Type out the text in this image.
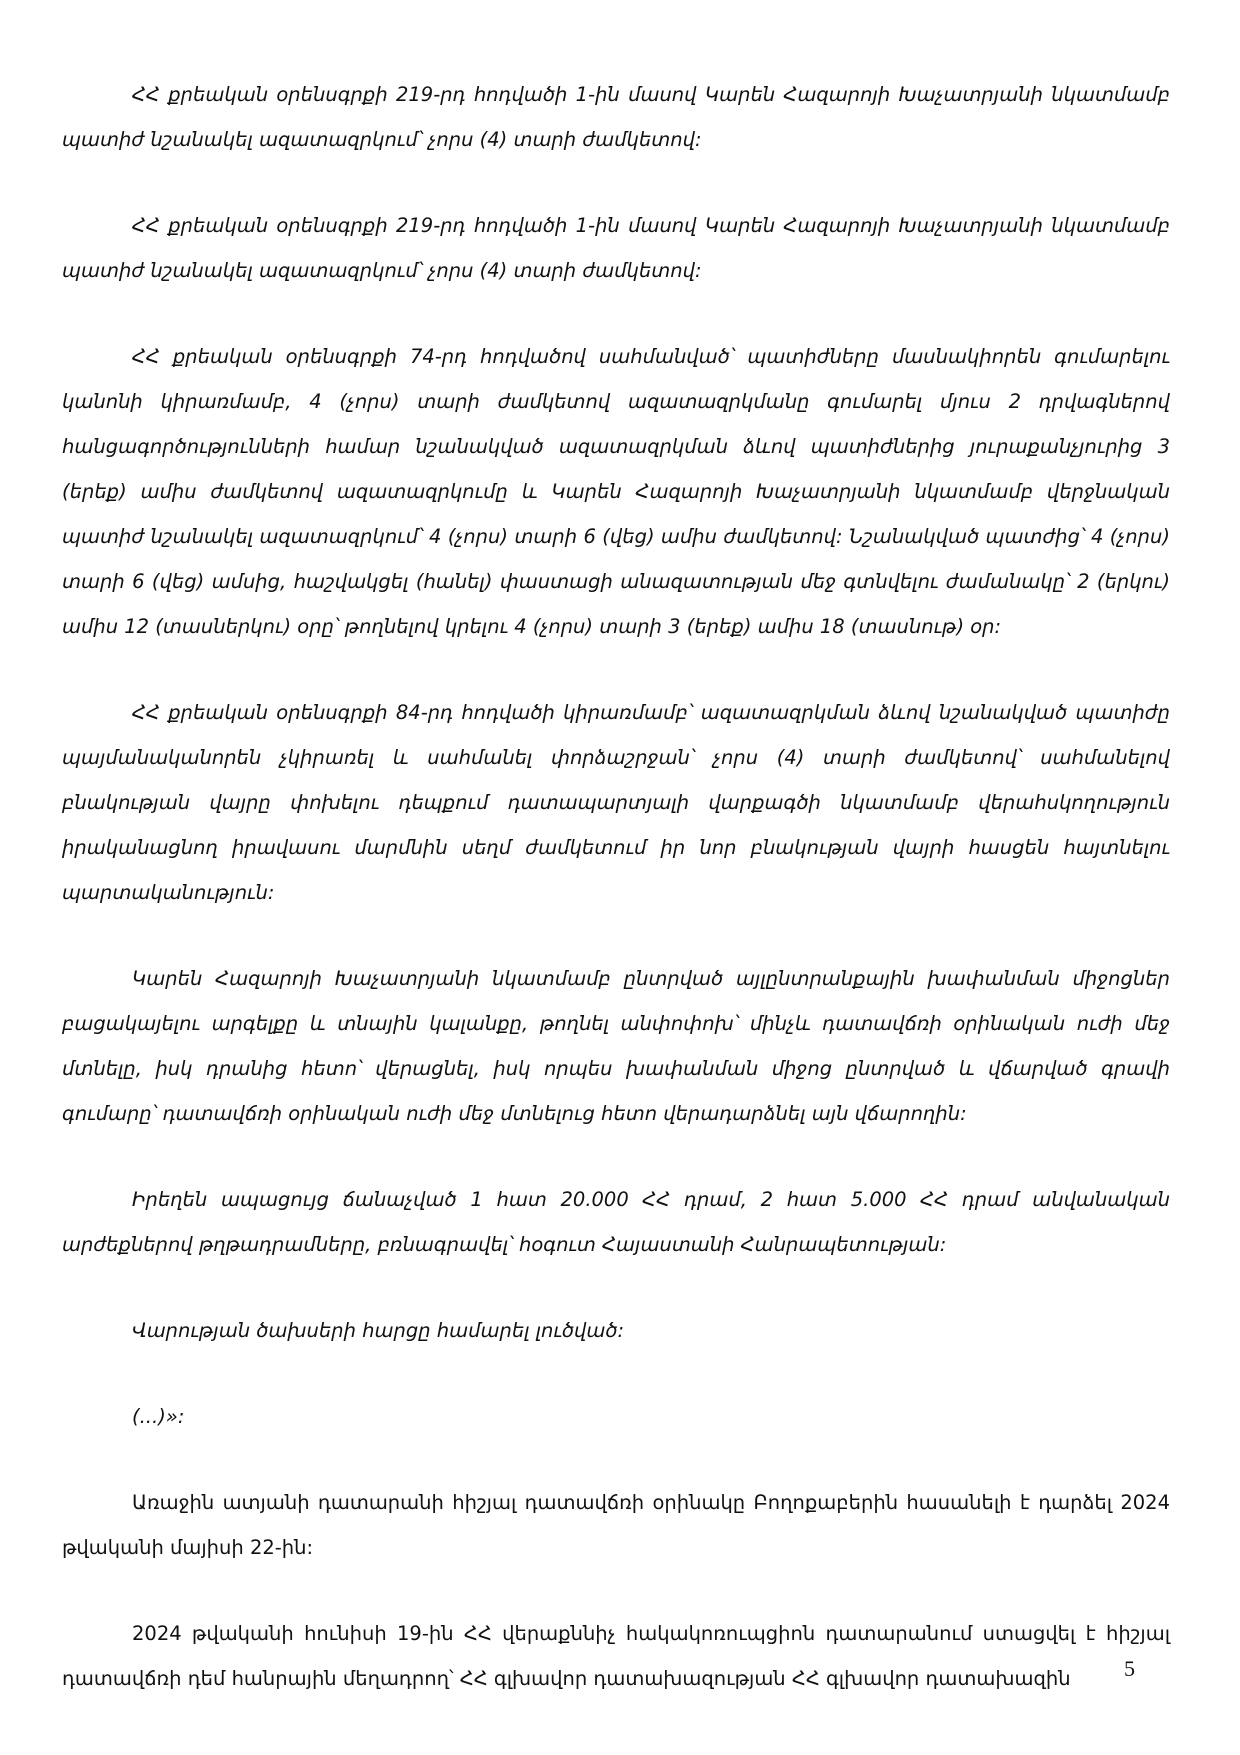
ՀՀ քրեական օրենսգրքի 219-րդ հոդվածի 1-ին մասով Կարեն Հազարոյի Խաչատրյանի նկատմամբ պատիժ նշանակել ազատազրկում՝ չորս (4) տարի ժամկետով:

ՀՀ քրեական օրենսգրքի 219-րդ հոդվածի 1-ին մասով Կարեն Հազարոյի Խաչատրյանի նկատմամբ պատիժ նշանակել ազատազրկում՝ չորս (4) տարի ժամկետով:

ՀՀ քրեական օրենսգրքի 74-րդ հոդվածով սահմանված՝ պատիժները մասնակիորեն գումարելու կանոնի կիրառմամբ, 4 (չորս) տարի ժամկետով ազատազրկմանը գումարել մյուս 2 դրվագներով հանցագործությունների համար նշանակված ազատազրկման ձևով պատիժներից յուրաքանչյուրից 3 (երեք) ամիս ժամկետով ազատազրկումը և Կարեն Հազարոյի Խաչատրյանի նկատմամբ վերջնական պատիժ նշանակել ազատազրկում՝ 4 (չորս) տարի 6 (վեց) ամիս ժամկետով: Նշանակված պատժից՝ 4 (չորս) տարի 6 (վեց) ամսից, հաշվակցել (հանել) փաստացի անազատության մեջ գտնվելու ժամանակը՝ 2 (երկու) ամիս 12 (տասներկու) օրը՝ թողնելով կրելու 4 (չորս) տարի 3 (երեք) ամիս 18 (տասնութ) օր:

ՀՀ քրեական օրենսգրքի 84-րդ հոդվածի կիրառմամբ՝ ազատազրկման ձևով նշանակված պատիժը պայմանականորեն չկիրառել և սահմանել փորձաշրջան՝ չորս (4) տարի ժամկետով՝ սահմանելով բնակության վայրը փոխելու դեպքում դատապարտյալի վարքագծի նկատմամբ վերահսկողություն իրականացնող իրավասու մարմնին սեղմ ժամկետում իր նոր բնակության վայրի հասցեն հայտնելու պարտականություն:

Կարեն Հազարոյի Խաչատրյանի նկատմամբ ընտրված այլընտրանքային խափանման միջոցներ բացակայելու արգելքը և տնային կալանքը, թողնել անփոփոխ՝ մինչև դատավճռի օրինական ուժի մեջ մտնելը, իսկ դրանից հետո՝ վերացնել, իսկ որպես խափանման միջոց ընտրված և վճարված գրավի գումարը՝ դատավճռի օրինական ուժի մեջ մտնելուց հետո վերադարձնել այն վճարողին:

Իրեղեն ապացույց ճանաչված 1 հատ 20.000 ՀՀ դրամ, 2 հատ 5.000 ՀՀ դրամ անվանական արժեքներով թղթադրամները, բռնագրավել՝ հօգուտ Հայաստանի Հանրապետության:

Վարության ծախսերի հարցը համարել լուծված:

(...)»:

Առաջին ատյանի դատարանի հիշյալ դատավճռի օրինակը Բողոքաբերին հասանելի է դարձել 2024 թվականի մայիսի 22-ին:

2024 թվականի հունիսի 19-ին ՀՀ վերաքննիչ հակակոռուպցիոն դատարանում ստացվել է հիշյալ դատավճռի դեմ հանրային մեղադրող՝ ՀՀ գլխավոր դատախազության ՀՀ գլխավոր դատախազին	5
